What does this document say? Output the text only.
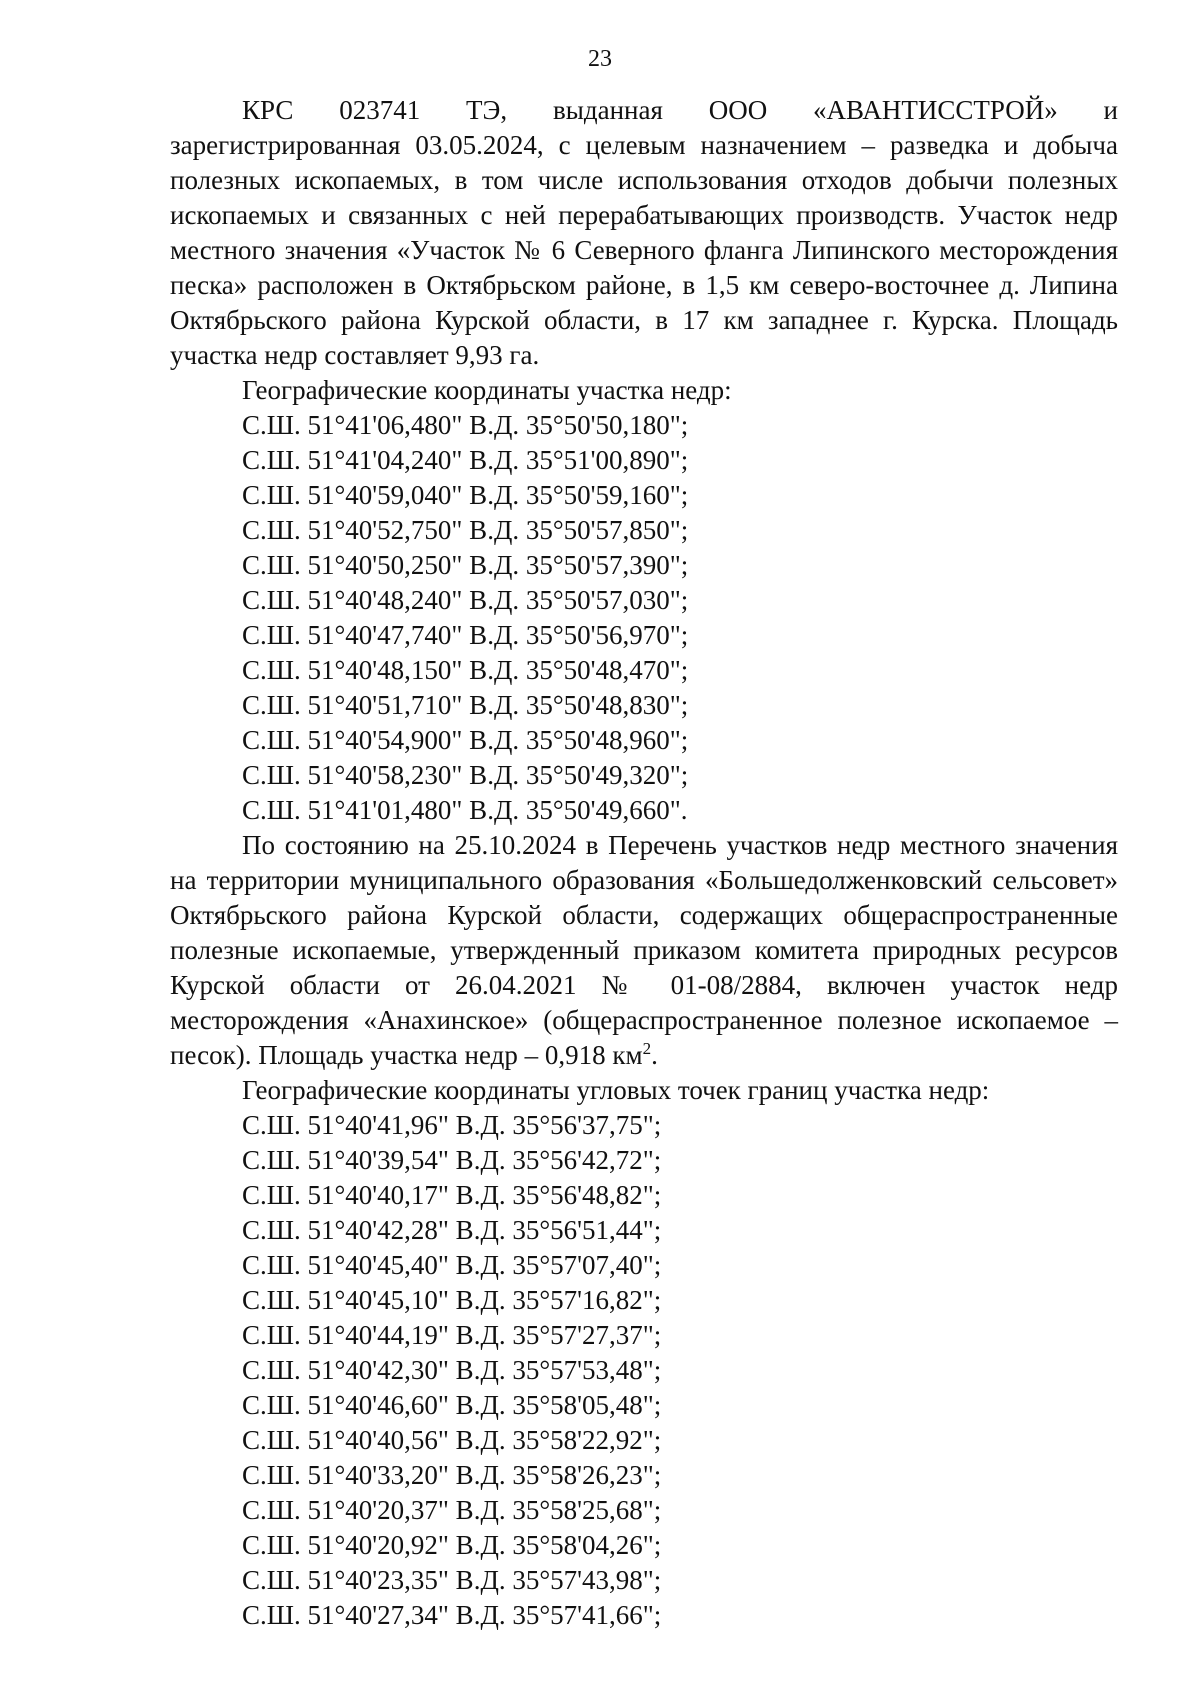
23

КРС 023741 ТЭ, выданная ООО «АВАНТИССТРОЙ» и зарегистрированная 03.05.2024, с целевым назначением – разведка и добыча полезных ископаемых, в том числе использования отходов добычи полезных ископаемых и связанных с ней перерабатывающих производств. Участок недр местного значения «Участок № 6 Северного фланга Липинского месторождения песка» расположен в Октябрьском районе, в 1,5 км северо-восточнее д. Липина Октябрьского района Курской области, в 17 км западнее г. Курска. Площадь участка недр составляет 9,93 га.

Географические координаты участка недр:

С.Ш. 51°41'06,480" В.Д. 35°50'50,180";
С.Ш. 51°41'04,240" В.Д. 35°51'00,890";
С.Ш. 51°40'59,040" В.Д. 35°50'59,160";
С.Ш. 51°40'52,750" В.Д. 35°50'57,850";
С.Ш. 51°40'50,250" В.Д. 35°50'57,390";
С.Ш. 51°40'48,240" В.Д. 35°50'57,030";
С.Ш. 51°40'47,740" В.Д. 35°50'56,970";
С.Ш. 51°40'48,150" В.Д. 35°50'48,470";
С.Ш. 51°40'51,710" В.Д. 35°50'48,830";
С.Ш. 51°40'54,900" В.Д. 35°50'48,960";
С.Ш. 51°40'58,230" В.Д. 35°50'49,320";
С.Ш. 51°41'01,480" В.Д. 35°50'49,660".

По состоянию на 25.10.2024 в Перечень участков недр местного значения на территории муниципального образования «Большедолженковский сельсовет» Октябрьского района Курской области, содержащих общераспространенные полезные ископаемые, утвержденный приказом комитета природных ресурсов Курской области от 26.04.2021 № 01-08/2884, включен участок недр месторождения «Анахинское» (общераспространенное полезное ископаемое – песок). Площадь участка недр – 0,918 $км^2$.

Географические координаты угловых точек границ участка недр:

С.Ш. 51°40'41,96" В.Д. 35°56'37,75";
С.Ш. 51°40'39,54" В.Д. 35°56'42,72";
С.Ш. 51°40'40,17" В.Д. 35°56'48,82";
С.Ш. 51°40'42,28" В.Д. 35°56'51,44";
С.Ш. 51°40'45,40" В.Д. 35°57'07,40";
С.Ш. 51°40'45,10" В.Д. 35°57'16,82";
С.Ш. 51°40'44,19" В.Д. 35°57'27,37";
С.Ш. 51°40'42,30" В.Д. 35°57'53,48";
С.Ш. 51°40'46,60" В.Д. 35°58'05,48";
С.Ш. 51°40'40,56" В.Д. 35°58'22,92";
С.Ш. 51°40'33,20" В.Д. 35°58'26,23";
С.Ш. 51°40'20,37" В.Д. 35°58'25,68";
С.Ш. 51°40'20,92" В.Д. 35°58'04,26";
С.Ш. 51°40'23,35" В.Д. 35°57'43,98";
С.Ш. 51°40'27,34" В.Д. 35°57'41,66";
